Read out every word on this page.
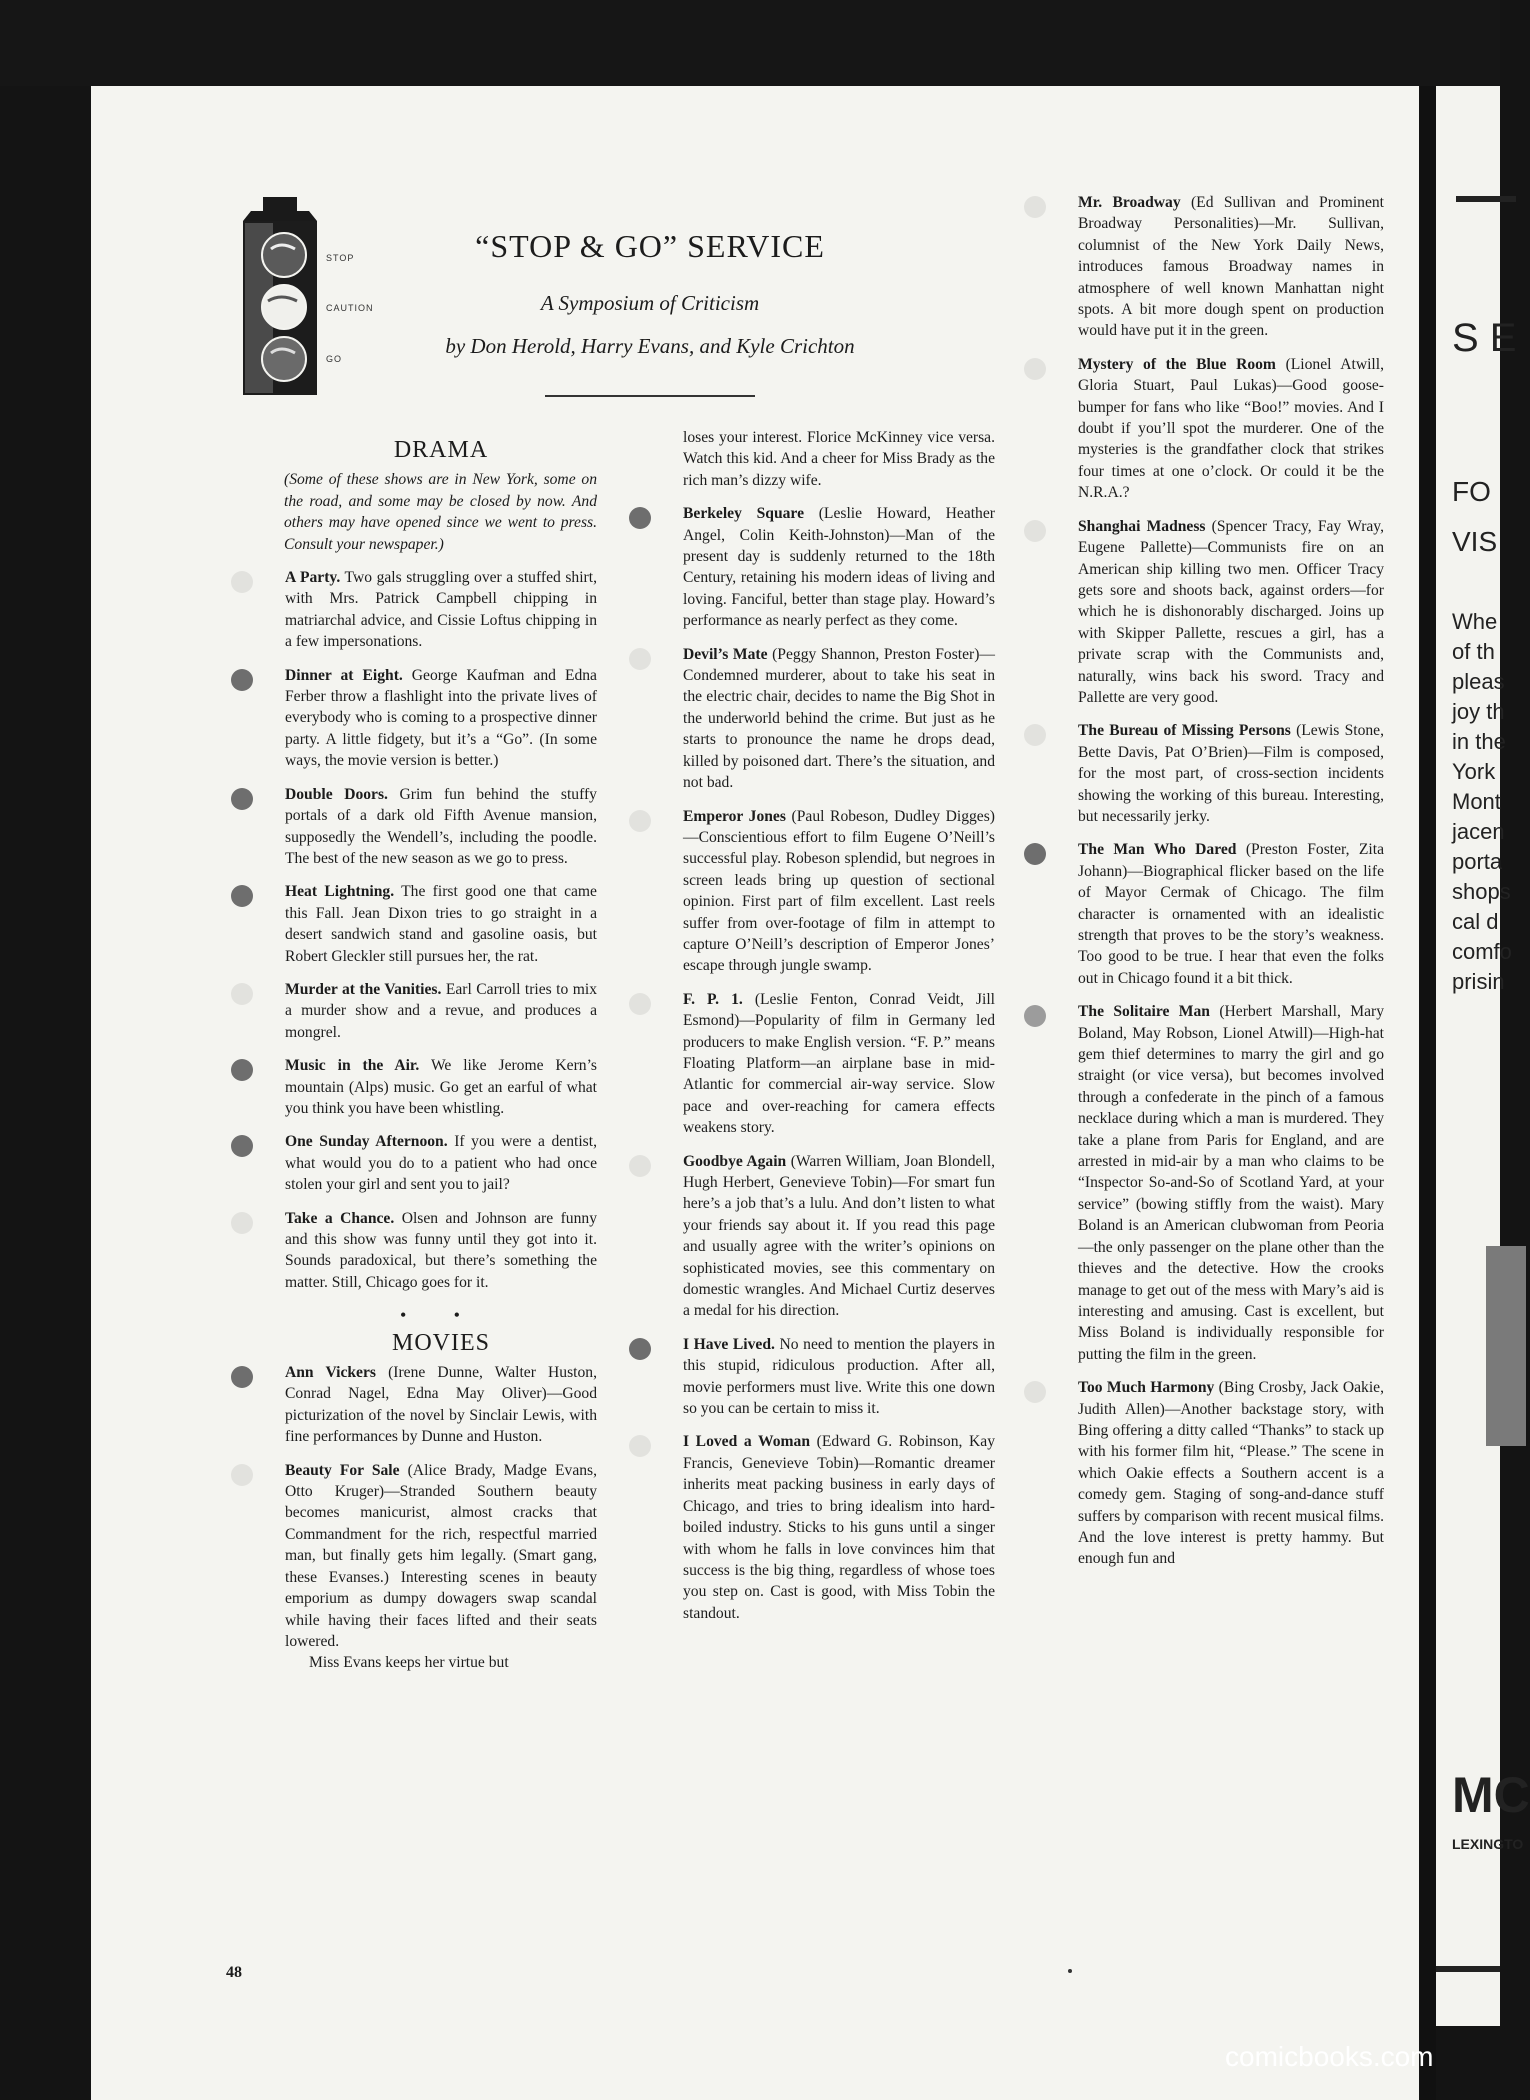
S E
FO
VIS
Whe
of th
pleas
joy th
in the
York
Mont
jacen
porta
shops
cal d
comfo
prisin
MC
LEXINGTO
STOP
CAUTION
GO
“STOP & GO” SERVICE
A Symposium of Criticism
by Don Herold, Harry Evans, and Kyle Crichton
DRAMA
(Some of these shows are in New York, some on the road, and some may be closed by now. And others may have opened since we went to press. Consult your newspaper.)
A Party. Two gals struggling over a stuffed shirt, with Mrs. Patrick Campbell chipping in matriarchal advice, and Cissie Loftus chipping in a few impersonations.
Dinner at Eight. George Kaufman and Edna Ferber throw a flashlight into the private lives of everybody who is coming to a prospective dinner party. A little fidgety, but it’s a “Go”. (In some ways, the movie version is better.)
Double Doors. Grim fun behind the stuffy portals of a dark old Fifth Avenue mansion, supposedly the Wendell’s, including the poodle. The best of the new season as we go to press.
Heat Lightning. The first good one that came this Fall. Jean Dixon tries to go straight in a desert sandwich stand and gasoline oasis, but Robert Gleckler still pursues her, the rat.
Murder at the Vanities. Earl Carroll tries to mix a murder show and a revue, and produces a mongrel.
Music in the Air. We like Jerome Kern’s mountain (Alps) music. Go get an earful of what you think you have been whistling.
One Sunday Afternoon. If you were a dentist, what would you do to a patient who had once stolen your girl and sent you to jail?
Take a Chance. Olsen and Johnson are funny and this show was funny until they got into it. Sounds paradoxical, but there’s something the matter. Still, Chicago goes for it.
• •
MOVIES
Ann Vickers (Irene Dunne, Walter Huston, Conrad Nagel, Edna May Oliver)—Good picturization of the novel by Sinclair Lewis, with fine performances by Dunne and Huston.
Beauty For Sale (Alice Brady, Madge Evans, Otto Kruger)—Stranded Southern beauty becomes manicurist, almost cracks that Commandment for the rich, respectful married man, but finally gets him legally. (Smart gang, these Evanses.) Interesting scenes in beauty emporium as dumpy dowagers swap scandal while having their faces lifted and their seats lowered.
Miss Evans keeps her virtue but
loses your interest. Florice McKinney vice versa. Watch this kid. And a cheer for Miss Brady as the rich man’s dizzy wife.
Berkeley Square (Leslie Howard, Heather Angel, Colin Keith-Johnston)—Man of the present day is suddenly returned to the 18th Century, retaining his modern ideas of living and loving. Fanciful, better than stage play. Howard’s performance as nearly perfect as they come.
Devil’s Mate (Peggy Shannon, Preston Foster)—Condemned murderer, about to take his seat in the electric chair, decides to name the Big Shot in the underworld behind the crime. But just as he starts to pronounce the name he drops dead, killed by poisoned dart. There’s the situation, and not bad.
Emperor Jones (Paul Robeson, Dudley Digges)—Conscientious effort to film Eugene O’Neill’s successful play. Robeson splendid, but negroes in screen leads bring up question of sectional opinion. First part of film excellent. Last reels suffer from over-footage of film in attempt to capture O’Neill’s description of Emperor Jones’ escape through jungle swamp.
F. P. 1. (Leslie Fenton, Conrad Veidt, Jill Esmond)—Popularity of film in Germany led producers to make English version. “F. P.” means Floating Platform—an airplane base in mid-Atlantic for commercial air-way service. Slow pace and over-reaching for camera effects weakens story.
Goodbye Again (Warren William, Joan Blondell, Hugh Herbert, Genevieve Tobin)—For smart fun here’s a job that’s a lulu. And don’t listen to what your friends say about it. If you read this page and usually agree with the writer’s opinions on sophisticated movies, see this commentary on domestic wrangles. And Michael Curtiz deserves a medal for his direction.
I Have Lived. No need to mention the players in this stupid, ridiculous production. After all, movie performers must live. Write this one down so you can be certain to miss it.
I Loved a Woman (Edward G. Robinson, Kay Francis, Genevieve Tobin)—Romantic dreamer inherits meat packing business in early days of Chicago, and tries to bring idealism into hard-boiled industry. Sticks to his guns until a singer with whom he falls in love convinces him that success is the big thing, regardless of whose toes you step on. Cast is good, with Miss Tobin the standout.
Mr. Broadway (Ed Sullivan and Prominent Broadway Personalities)—Mr. Sullivan, columnist of the New York Daily News, introduces famous Broadway names in atmosphere of well known Manhattan night spots. A bit more dough spent on production would have put it in the green.
Mystery of the Blue Room (Lionel Atwill, Gloria Stuart, Paul Lukas)—Good goose-bumper for fans who like “Boo!” movies. And I doubt if you’ll spot the murderer. One of the mysteries is the grandfather clock that strikes four times at one o’clock. Or could it be the N.R.A.?
Shanghai Madness (Spencer Tracy, Fay Wray, Eugene Pallette)—Communists fire on an American ship killing two men. Officer Tracy gets sore and shoots back, against orders—for which he is dishonorably discharged. Joins up with Skipper Pallette, rescues a girl, has a private scrap with the Communists and, naturally, wins back his sword. Tracy and Pallette are very good.
The Bureau of Missing Persons (Lewis Stone, Bette Davis, Pat O’Brien)—Film is composed, for the most part, of cross-section incidents showing the working of this bureau. Interesting, but necessarily jerky.
The Man Who Dared (Preston Foster, Zita Johann)—Biographical flicker based on the life of Mayor Cermak of Chicago. The film character is ornamented with an idealistic strength that proves to be the story’s weakness. Too good to be true. I hear that even the folks out in Chicago found it a bit thick.
The Solitaire Man (Herbert Marshall, Mary Boland, May Robson, Lionel Atwill)—High-hat gem thief determines to marry the girl and go straight (or vice versa), but becomes involved through a confederate in the pinch of a famous necklace during which a man is murdered. They take a plane from Paris for England, and are arrested in mid-air by a man who claims to be “Inspector So-and-So of Scotland Yard, at your service” (bowing stiffly from the waist). Mary Boland is an American clubwoman from Peoria—the only passenger on the plane other than the thieves and the detective. How the crooks manage to get out of the mess with Mary’s aid is interesting and amusing. Cast is excellent, but Miss Boland is individually responsible for putting the film in the green.
Too Much Harmony (Bing Crosby, Jack Oakie, Judith Allen)—Another backstage story, with Bing offering a ditty called “Thanks” to stack up with his former film hit, “Please.” The scene in which Oakie effects a Southern accent is a comedy gem. Staging of song-and-dance stuff suffers by comparison with recent musical films. And the love interest is pretty hammy. But enough fun and
48
comicbooks.com
